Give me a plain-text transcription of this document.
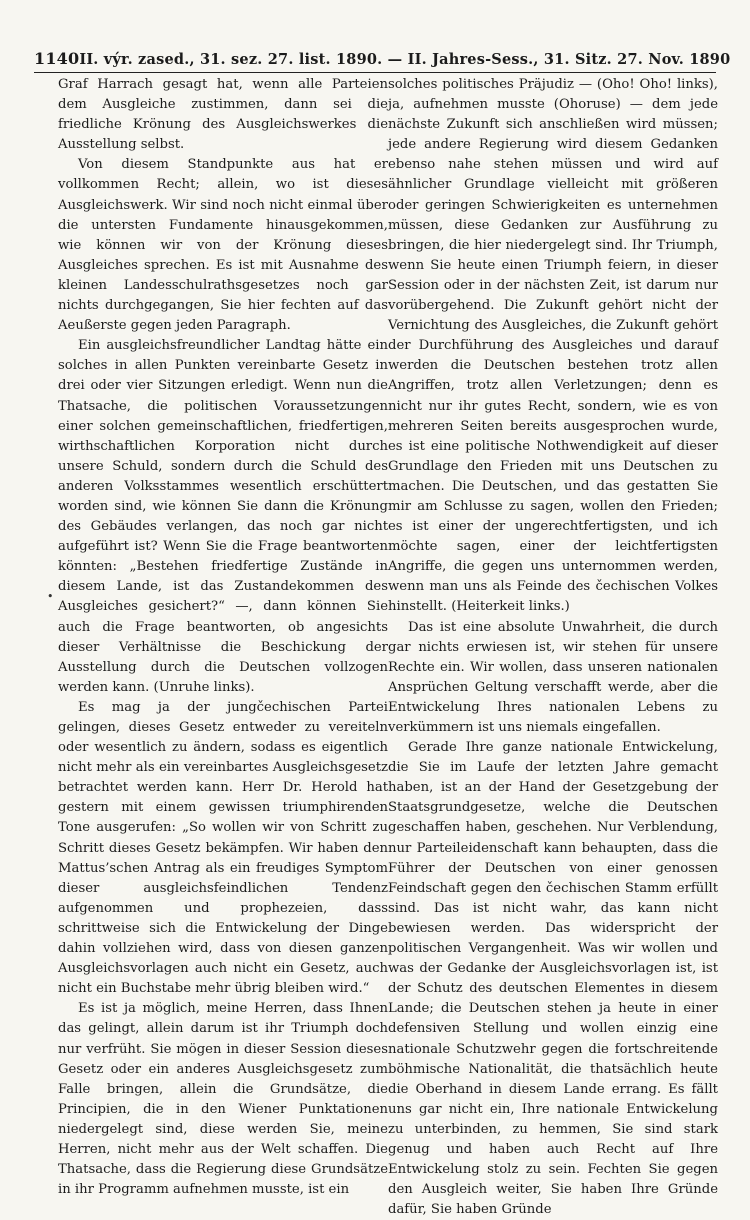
1140 II. výr. zased., 31. sez. 27. list. 1890. — II. Jahres-Sess., 31. Sitz. 27. Nov. 1890
•

Graf Harrach gesagt hat, wenn alle Parteien dem Ausgleiche zustimmen, dann sei die friedliche Krönung des Ausgleichswerkes die Ausstellung selbst.

Von diesem Standpunkte aus hat er vollkommen Recht; allein, wo ist dieses Ausgleichswerk. Wir sind noch nicht einmal über die untersten Fundamente hinausgekommen, wie können wir von der Krönung dieses Ausgleiches sprechen. Es ist mit Ausnahme des kleinen Landesschulrathsgesetzes noch gar nichts durchgegangen, Sie hier fechten auf das Aeußerste gegen jeden Paragraph.

Ein ausgleichsfreundlicher Landtag hätte ein solches in allen Punkten vereinbarte Gesetz in drei oder vier Sitzungen erledigt. Wenn nun die Thatsache, die politischen Voraussetzungen einer solchen gemeinschaftlichen, friedfertigen, wirthschaftlichen Korporation nicht durch unsere Schuld, sondern durch die Schuld des anderen Volksstammes wesentlich erschüttert worden sind, wie können Sie dann die Krönung des Gebäudes verlangen, das noch gar nicht aufgeführt ist? Wenn Sie die Frage beantworten könnten: „Bestehen friedfertige Zustände in diesem Lande, ist das Zustandekommen des Ausgleiches gesichert?“ —, dann können Sie auch die Frage beantworten, ob angesichts dieser Verhältnisse die Beschickung der Ausstellung durch die Deutschen vollzogen werden kann. (Unruhe links).

Es mag ja der jungčechischen Partei gelingen, dieses Gesetz entweder zu vereiteln oder wesentlich zu ändern, sodass es eigentlich nicht mehr als ein vereinbartes Ausgleichsgesetz betrachtet werden kann. Herr Dr. Herold hat gestern mit einem gewissen triumphirenden Tone ausgerufen: „So wollen wir von Schritt zu Schritt dieses Gesetz bekämpfen. Wir haben den Mattus’schen Antrag als ein freudiges Symptom dieser ausgleichsfeindlichen Tendenz aufgenommen und prophezeien, dass schrittweise sich die Entwickelung der Dinge dahin vollziehen wird, dass von diesen ganzen Ausgleichsvorlagen auch nicht ein Gesetz, auch nicht ein Buchstabe mehr übrig bleiben wird.“

Es ist ja möglich, meine Herren, dass Ihnen das gelingt, allein darum ist ihr Triumph doch nur verfrüht. Sie mögen in dieser Session dieses Gesetz oder ein anderes Ausgleichsgesetz zum Falle bringen, allein die Grundsätze, die Principien, die in den Wiener Punktationen niedergelegt sind, diese werden Sie, meine Herren, nicht mehr aus der Welt schaffen. Die Thatsache, dass die Regierung diese Grundsätze in ihr Programm aufnehmen musste, ist ein

solches politisches Präjudiz — (Oho! Oho! links), ja, aufnehmen musste (Ohoruse) — dem jede nächste Zukunft sich anschließen wird müssen; jede andere Regierung wird diesem Gedanken ebenso nahe stehen müssen und wird auf ähnlicher Grundlage vielleicht mit größeren oder geringen Schwierigkeiten es unternehmen müssen, diese Gedanken zur Ausführung zu bringen, die hier niedergelegt sind. Ihr Triumph, wenn Sie heute einen Triumph feiern, in dieser Session oder in der nächsten Zeit, ist darum nur vorübergehend. Die Zukunft gehört nicht der Vernichtung des Ausgleiches, die Zukunft gehört der Durchführung des Ausgleiches und darauf werden die Deutschen bestehen trotz allen Angriffen, trotz allen Verletzungen; denn es nicht nur ihr gutes Recht, sondern, wie es von mehreren Seiten bereits ausgesprochen wurde, es ist eine politische Nothwendigkeit auf dieser Grundlage den Frieden mit uns Deutschen zu machen. Die Deutschen, und das gestatten Sie mir am Schlusse zu sagen, wollen den Frieden; es ist einer der ungerechtfertigsten, und ich möchte sagen, einer der leichtfertigsten Angriffe, die gegen uns unternommen werden, wenn man uns als Feinde des čechischen Volkes hinstellt. (Heiterkeit links.)

Das ist eine absolute Unwahrheit, die durch gar nichts erwiesen ist, wir stehen für unsere Rechte ein. Wir wollen, dass unseren nationalen Ansprüchen Geltung verschafft werde, aber die Entwickelung Ihres nationalen Lebens zu verkümmern ist uns niemals eingefallen.

Gerade Ihre ganze nationale Entwickelung, die Sie im Laufe der letzten Jahre gemacht haben, ist an der Hand der Gesetzgebung der Staatsgrundgesetze, welche die Deutschen geschaffen haben, geschehen. Nur Verblendung, nur Parteileidenschaft kann behaupten, dass die Führer der Deutschen von einer genossen Feindschaft gegen den čechischen Stamm erfüllt sind. Das ist nicht wahr, das kann nicht bewiesen werden. Das widerspricht der politischen Vergangenheit. Was wir wollen und was der Gedanke der Ausgleichsvorlagen ist, ist der Schutz des deutschen Elementes in diesem Lande; die Deutschen stehen ja heute in einer defensiven Stellung und wollen einzig eine nationale Schutzwehr gegen die fortschreitende böhmische Nationalität, die thatsächlich heute die Oberhand in diesem Lande errang. Es fällt uns gar nicht ein, Ihre nationale Entwickelung zu unterbinden, zu hemmen, Sie sind stark genug und haben auch Recht auf Ihre Entwickelung stolz zu sein. Fechten Sie gegen den Ausgleich weiter, Sie haben Ihre Gründe dafür, Sie haben Gründe
